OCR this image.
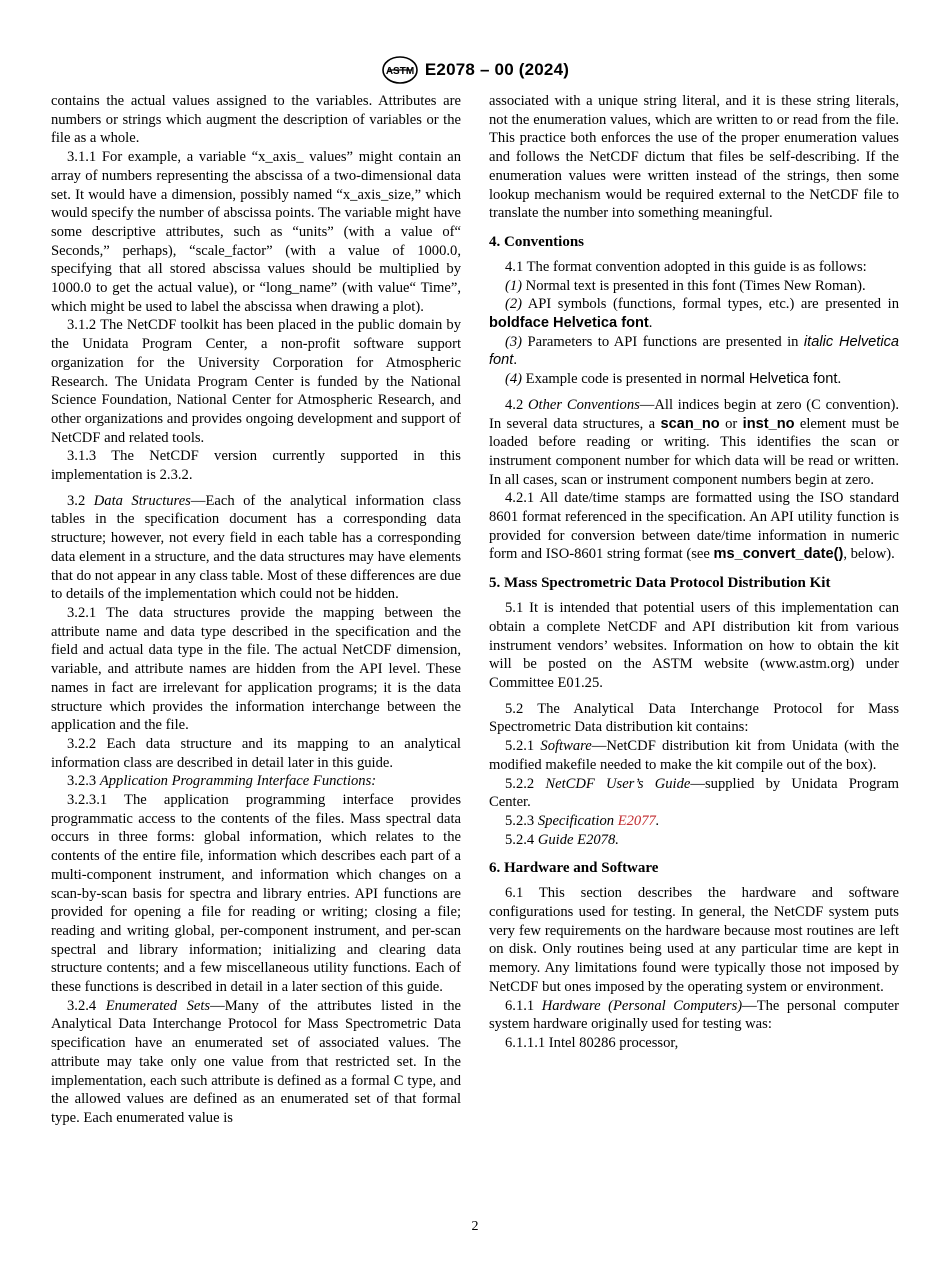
ASTM E2078 – 00 (2024)

contains the actual values assigned to the variables. Attributes are numbers or strings which augment the description of variables or the file as a whole.

3.1.1 For example, a variable “x_axis_ values” might contain an array of numbers representing the abscissa of a two-dimensional data set. It would have a dimension, possibly named “x_axis_size,” which would specify the number of abscissa points. The variable might have some descriptive attributes, such as “units” (with a value of“ Seconds,” perhaps), “scale_factor” (with a value of 1000.0, specifying that all stored abscissa values should be multiplied by 1000.0 to get the actual value), or “long_name” (with value“ Time”, which might be used to label the abscissa when drawing a plot).

3.1.2 The NetCDF toolkit has been placed in the public domain by the Unidata Program Center, a non-profit software support organization for the University Corporation for Atmospheric Research. The Unidata Program Center is funded by the National Science Foundation, National Center for Atmospheric Research, and other organizations and provides ongoing development and support of NetCDF and related tools.

3.1.3 The NetCDF version currently supported in this implementation is 2.3.2.

3.2 Data Structures—Each of the analytical information class tables in the specification document has a corresponding data structure; however, not every field in each table has a corresponding data element in a structure, and the data structures may have elements that do not appear in any class table. Most of these differences are due to details of the implementation which could not be hidden.

3.2.1 The data structures provide the mapping between the attribute name and data type described in the specification and the field and actual data type in the file. The actual NetCDF dimension, variable, and attribute names are hidden from the API level. These names in fact are irrelevant for application programs; it is the data structure which provides the information interchange between the application and the file.

3.2.2 Each data structure and its mapping to an analytical information class are described in detail later in this guide.

3.2.3 Application Programming Interface Functions:

3.2.3.1 The application programming interface provides programmatic access to the contents of the files. Mass spectral data occurs in three forms: global information, which relates to the contents of the entire file, information which describes each part of a multi-component instrument, and information which changes on a scan-by-scan basis for spectra and library entries. API functions are provided for opening a file for reading or writing; closing a file; reading and writing global, per-component instrument, and per-scan spectral and library information; initializing and clearing data structure contents; and a few miscellaneous utility functions. Each of these functions is described in detail in a later section of this guide.

3.2.4 Enumerated Sets—Many of the attributes listed in the Analytical Data Interchange Protocol for Mass Spectrometric Data specification have an enumerated set of associated values. The attribute may take only one value from that restricted set. In the implementation, each such attribute is defined as a formal C type, and the allowed values are defined as an enumerated set of that formal type. Each enumerated value is

associated with a unique string literal, and it is these string literals, not the enumeration values, which are written to or read from the file. This practice both enforces the use of the proper enumeration values and follows the NetCDF dictum that files be self-describing. If the enumeration values were written instead of the strings, then some lookup mechanism would be required external to the NetCDF file to translate the number into something meaningful.

4. Conventions

4.1 The format convention adopted in this guide is as follows:

(1) Normal text is presented in this font (Times New Roman).

(2) API symbols (functions, formal types, etc.) are presented in boldface Helvetica font.

(3) Parameters to API functions are presented in italic Helvetica font.

(4) Example code is presented in normal Helvetica font.

4.2 Other Conventions—All indices begin at zero (C convention). In several data structures, a scan_no or inst_no element must be loaded before reading or writing. This identifies the scan or instrument component number for which data will be read or written. In all cases, scan or instrument component numbers begin at zero.

4.2.1 All date/time stamps are formatted using the ISO standard 8601 format referenced in the specification. An API utility function is provided for conversion between date/time information in numeric form and ISO-8601 string format (see ms_convert_date(), below).

5. Mass Spectrometric Data Protocol Distribution Kit

5.1 It is intended that potential users of this implementation can obtain a complete NetCDF and API distribution kit from various instrument vendors’ websites. Information on how to obtain the kit will be posted on the ASTM website (www.astm.org) under Committee E01.25.

5.2 The Analytical Data Interchange Protocol for Mass Spectrometric Data distribution kit contains:

5.2.1 Software—NetCDF distribution kit from Unidata (with the modified makefile needed to make the kit compile out of the box).

5.2.2 NetCDF User’s Guide—supplied by Unidata Program Center.

5.2.3 Specification E2077.

5.2.4 Guide E2078.

6. Hardware and Software

6.1 This section describes the hardware and software configurations used for testing. In general, the NetCDF system puts very few requirements on the hardware because most routines are left on disk. Only routines being used at any particular time are kept in memory. Any limitations found were typically those not imposed by NetCDF but ones imposed by the operating system or environment.

6.1.1 Hardware (Personal Computers)—The personal computer system hardware originally used for testing was:

6.1.1.1 Intel 80286 processor,

2
